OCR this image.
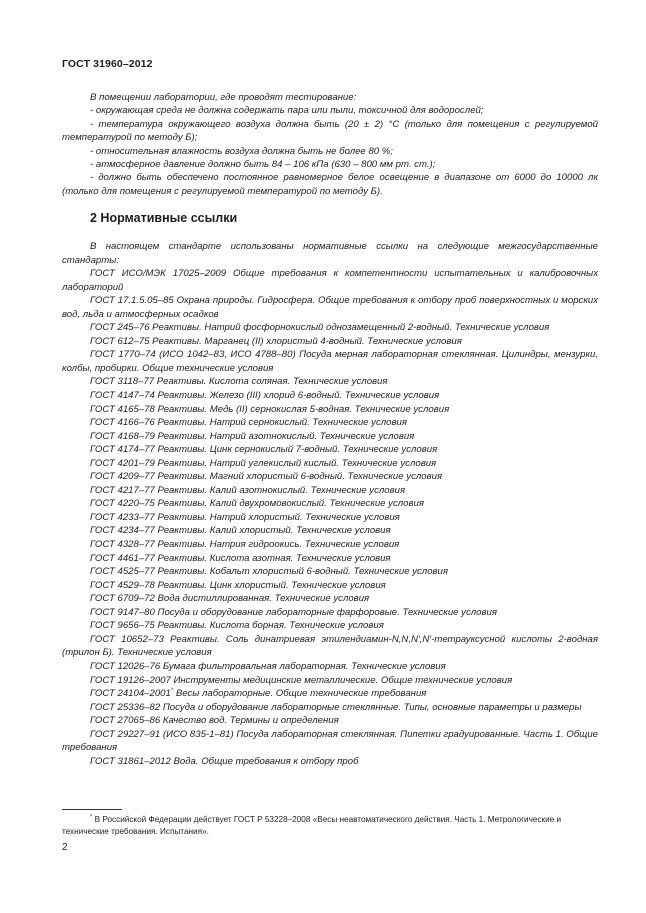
ГОСТ 31960–2012

В помещении лаборатории, где проводят тестирование:

- окружающая среда не должна содержать пара или пыли, токсичной для водорослей;

- температура окружающего воздуха должна быть (20 ± 2) °С (только для помещения с регулируемой температурой по методу Б);

- относительная влажность воздуха должна быть не более 80 %;

- атмосферное давление должно быть 84 – 106 кПа (630 – 800 мм рт. ст.);

- должно быть обеспечено постоянное равномерное белое освещение в диапазоне от 6000 до 10000 лк (только для помещения с регулируемой температурой по методу Б).

2 Нормативные ссылки

В настоящем стандарте использованы нормативные ссылки на следующие межгосударственные стандарты:

ГОСТ ИСО/МЭК 17025–2009 Общие требования к компетентности испытательных и калибровочных лабораторий

ГОСТ 17.1.5.05–85 Охрана природы. Гидросфера. Общие требования к отбору проб поверхностных и морских вод, льда и атмосферных осадков

ГОСТ 245–76 Реактивы. Натрий фосфорнокислый однозамещенный 2-водный. Технические условия

ГОСТ 612–75 Реактивы. Марганец (II) хлористый 4-водный. Технические условия

ГОСТ 1770–74 (ИСО 1042–83, ИСО 4788–80) Посуда мерная лабораторная стеклянная. Цилиндры, мензурки, колбы, пробирки. Общие технические условия

ГОСТ 3118–77 Реактивы. Кислота соляная. Технические условия

ГОСТ 4147–74 Реактивы. Железо (III) хлорид 6-водный. Технические условия

ГОСТ 4165–78 Реактивы. Медь (II) сернокислая 5-водная. Технические условия

ГОСТ 4166–76 Реактивы. Натрий сернокислый. Технические условия

ГОСТ 4168–79 Реактивы. Натрий азотнокислый. Технические условия

ГОСТ 4174–77 Реактивы. Цинк сернокислый 7-водный. Технические условия

ГОСТ 4201–79 Реактивы. Натрий углекислый кислый. Технические условия

ГОСТ 4209–77 Реактивы. Магний хлористый 6-водный. Технические условия

ГОСТ 4217–77 Реактивы. Калий азотнокислый. Технические условия

ГОСТ 4220–75 Реактивы. Калий двухромовокислый. Технические условия

ГОСТ 4233–77 Реактивы. Натрий хлористый. Технические условия

ГОСТ 4234–77 Реактивы. Калий хлористый. Технические условия

ГОСТ 4328–77 Реактивы. Натрия гидроокись. Технические условия

ГОСТ 4461–77 Реактивы. Кислота азотная. Технические условия

ГОСТ 4525–77 Реактивы. Кобальт хлористый 6-водный. Технические условия

ГОСТ 4529–78 Реактивы. Цинк хлористый. Технические условия

ГОСТ 6709–72 Вода дистиллированная. Технические условия

ГОСТ 9147–80 Посуда и оборудование лабораторные фарфоровые. Технические условия

ГОСТ 9656–75 Реактивы. Кислота борная. Технические условия

ГОСТ 10652–73 Реактивы. Соль динатриевая этилендиамин-N,N,N′,N′-тетрауксусной кислоты 2-водная (трилон Б). Технические условия

ГОСТ 12026–76 Бумага фильтровальная лабораторная. Технические условия

ГОСТ 19126–2007 Инструменты медицинские металлические. Общие технические условия

ГОСТ 24104–2001* Весы лабораторные. Общие технические требования

ГОСТ 25336–82 Посуда и оборудование лабораторные стеклянные. Типы, основные параметры и размеры

ГОСТ 27065–86 Качество вод. Термины и определения

ГОСТ 29227–91 (ИСО 835-1–81) Посуда лабораторная стеклянная. Пипетки градуированные. Часть 1. Общие требования

ГОСТ 31861–2012 Вода. Общие требования к отбору проб

* В Российской Федерации действует ГОСТ Р 53228–2008 «Весы неавтоматического действия. Часть 1. Метрологические и технические требования. Испытания».

2
